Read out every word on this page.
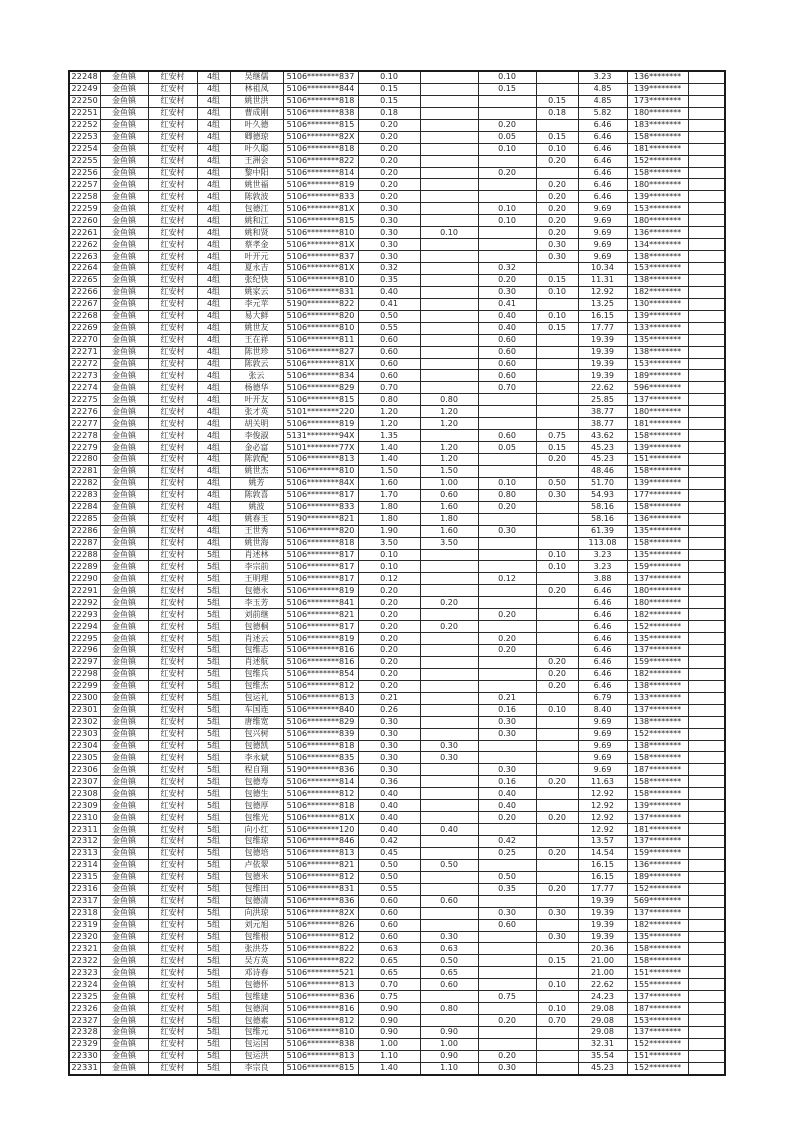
22248	金鱼镇	红安村	4组	吴继儒	5106********837	0.10		0.10		3.23	136********	
22249	金鱼镇	红安村	4组	林祖凤	5106********844	0.15		0.15		4.85	139********	
22250	金鱼镇	红安村	4组	姚世洪	5106********818	0.15			0.15	4.85	173********	
22251	金鱼镇	红安村	4组	曹成刚	5106********838	0.18			0.18	5.82	180********	
22252	金鱼镇	红安村	4组	叶久德	5106********815	0.20		0.20		6.46	183********	
22253	金鱼镇	红安村	4组	卿德琼	5106********82X	0.20		0.05	0.15	6.46	158********	
22254	金鱼镇	红安村	4组	叶久聪	5106********818	0.20		0.10	0.10	6.46	181********	
22255	金鱼镇	红安村	4组	王洲会	5106********822	0.20			0.20	6.46	152********	
22256	金鱼镇	红安村	4组	黎中阳	5106********814	0.20		0.20		6.46	158********	
22257	金鱼镇	红安村	4组	姚世福	5106********819	0.20			0.20	6.46	180********	
22258	金鱼镇	红安村	4组	陈敦波	5106********833	0.20			0.20	6.46	139********	
22259	金鱼镇	红安村	4组	包德江	5106********81X	0.30		0.10	0.20	9.69	153********	
22260	金鱼镇	红安村	4组	姚和江	5106********815	0.30		0.10	0.20	9.69	180********	
22261	金鱼镇	红安村	4组	姚和贤	5106********810	0.30	0.10		0.20	9.69	136********	
22262	金鱼镇	红安村	4组	蔡孝金	5106********81X	0.30			0.30	9.69	134********	
22263	金鱼镇	红安村	4组	叶开元	5106********837	0.30			0.30	9.69	138********	
22264	金鱼镇	红安村	4组	夏永吉	5106********81X	0.32		0.32		10.34	153********	
22265	金鱼镇	红安村	4组	张纪快	5106********810	0.35		0.20	0.15	11.31	138********	
22266	金鱼镇	红安村	4组	姚家云	5106********831	0.40		0.30	0.10	12.92	182********	
22267	金鱼镇	红安村	4组	李元苹	5190********822	0.41		0.41		13.25	130********	
22268	金鱼镇	红安村	4组	易大鲜	5106********820	0.50		0.40	0.10	16.15	139********	
22269	金鱼镇	红安村	4组	姚世友	5106********810	0.55		0.40	0.15	17.77	133********	
22270	金鱼镇	红安村	4组	王在祥	5106********811	0.60		0.60		19.39	135********	
22271	金鱼镇	红安村	4组	陈世珍	5106********827	0.60		0.60		19.39	138********	
22272	金鱼镇	红安村	4组	陈敦云	5106********81X	0.60		0.60		19.39	153********	
22273	金鱼镇	红安村	4组	张云	5106********834	0.60		0.60		19.39	189********	
22274	金鱼镇	红安村	4组	杨德华	5106********829	0.70		0.70		22.62	596********	
22275	金鱼镇	红安村	4组	叶开友	5106********815	0.80	0.80			25.85	137********	
22276	金鱼镇	红安村	4组	张才英	5101********220	1.20	1.20			38.77	180********	
22277	金鱼镇	红安村	4组	胡关明	5106********819	1.20	1.20			38.77	181********	
22278	金鱼镇	红安村	4组	李俊淑	5131********94X	1.35		0.60	0.75	43.62	158********	
22279	金鱼镇	红安村	4组	金必富	5101********77X	1.40	1.20	0.05	0.15	45.23	139********	
22280	金鱼镇	红安村	4组	陈敦配	5106********813	1.40	1.20		0.20	45.23	151********	
22281	金鱼镇	红安村	4组	姚世杰	5106********810	1.50	1.50			48.46	158********	
22282	金鱼镇	红安村	4组	姚芳	5106********84X	1.60	1.00	0.10	0.50	51.70	139********	
22283	金鱼镇	红安村	4组	陈敦喜	5106********817	1.70	0.60	0.80	0.30	54.93	177********	
22284	金鱼镇	红安村	4组	姚波	5106********833	1.80	1.60	0.20		58.16	158********	
22285	金鱼镇	红安村	4组	姚春玉	5190********821	1.80	1.80			58.16	136********	
22286	金鱼镇	红安村	4组	王世秀	5106********820	1.90	1.60	0.30		61.39	135********	
22287	金鱼镇	红安村	4组	姚世海	5106********818	3.50	3.50			113.08	158********	
22288	金鱼镇	红安村	5组	肖述林	5106********817	0.10			0.10	3.23	135********	
22289	金鱼镇	红安村	5组	李宗前	5106********817	0.10			0.10	3.23	159********	
22290	金鱼镇	红安村	5组	王明理	5106********817	0.12		0.12		3.88	137********	
22291	金鱼镇	红安村	5组	包德永	5106********819	0.20			0.20	6.46	180********	
22292	金鱼镇	红安村	5组	李玉芳	5106********841	0.20	0.20			6.46	180********	
22293	金鱼镇	红安村	5组	刘前继	5106********821	0.20		0.20		6.46	182********	
22294	金鱼镇	红安村	5组	包德桐	5106********817	0.20	0.20			6.46	152********	
22295	金鱼镇	红安村	5组	肖述云	5106********819	0.20		0.20		6.46	135********	
22296	金鱼镇	红安村	5组	包维志	5106********816	0.20		0.20		6.46	137********	
22297	金鱼镇	红安村	5组	肖述航	5106********816	0.20			0.20	6.46	159********	
22298	金鱼镇	红安村	5组	包维兵	5106********854	0.20			0.20	6.46	182********	
22299	金鱼镇	红安村	5组	包维杰	5106********812	0.20			0.20	6.46	138********	
22300	金鱼镇	红安村	5组	包运礼	5106********813	0.21		0.21		6.79	133********	
22301	金鱼镇	红安村	5组	车国连	5106********840	0.26		0.16	0.10	8.40	137********	
22302	金鱼镇	红安村	5组	唐维宽	5106********829	0.30		0.30		9.69	138********	
22303	金鱼镇	红安村	5组	包兴树	5106********839	0.30		0.30		9.69	152********	
22304	金鱼镇	红安村	5组	包德凯	5106********818	0.30	0.30			9.69	138********	
22305	金鱼镇	红安村	5组	李永斌	5106********835	0.30	0.30			9.69	158********	
22306	金鱼镇	红安村	5组	程自翔	5190********836	0.30		0.30		9.69	187********	
22307	金鱼镇	红安村	5组	包德寿	5106********814	0.36		0.16	0.20	11.63	158********	
22308	金鱼镇	红安村	5组	包德生	5106********812	0.40		0.40		12.92	158********	
22309	金鱼镇	红安村	5组	包德厚	5106********818	0.40		0.40		12.92	139********	
22310	金鱼镇	红安村	5组	包维光	5106********81X	0.40		0.20	0.20	12.92	137********	
22311	金鱼镇	红安村	5组	向小红	5106********120	0.40	0.40			12.92	181********	
22312	金鱼镇	红安村	5组	包维琼	5106********846	0.42		0.42		13.57	137********	
22313	金鱼镇	红安村	5组	包德培	5106********813	0.45		0.25	0.20	14.54	159********	
22314	金鱼镇	红安村	5组	卢依翠	5106********821	0.50	0.50			16.15	136********	
22315	金鱼镇	红安村	5组	包德米	5106********812	0.50		0.50		16.15	189********	
22316	金鱼镇	红安村	5组	包维田	5106********831	0.55		0.35	0.20	17.77	152********	
22317	金鱼镇	红安村	5组	包德清	5106********836	0.60	0.60			19.39	569********	
22318	金鱼镇	红安村	5组	向洪琼	5106********82X	0.60		0.30	0.30	19.39	137********	
22319	金鱼镇	红安村	5组	刘元旭	5106********826	0.60		0.60		19.39	182********	
22320	金鱼镇	红安村	5组	包维根	5106********812	0.60	0.30		0.30	19.39	135********	
22321	金鱼镇	红安村	5组	张洪芬	5106********822	0.63	0.63			20.36	158********	
22322	金鱼镇	红安村	5组	吴方英	5106********822	0.65	0.50		0.15	21.00	158********	
22323	金鱼镇	红安村	5组	邓诗春	5106********521	0.65	0.65			21.00	151********	
22324	金鱼镇	红安村	5组	包德怀	5106********813	0.70	0.60		0.10	22.62	155********	
22325	金鱼镇	红安村	5组	包维建	5106********836	0.75		0.75		24.23	137********	
22326	金鱼镇	红安村	5组	包德润	5106********816	0.90	0.80		0.10	29.08	187********	
22327	金鱼镇	红安村	5组	包德素	5106********812	0.90		0.20	0.70	29.08	153********	
22328	金鱼镇	红安村	5组	包维元	5106********810	0.90	0.90			29.08	137********	
22329	金鱼镇	红安村	5组	包运国	5106********838	1.00	1.00			32.31	152********	
22330	金鱼镇	红安村	5组	包运洪	5106********813	1.10	0.90	0.20		35.54	151********	
22331	金鱼镇	红安村	5组	李宗良	5106********815	1.40	1.10	0.30		45.23	152********	
